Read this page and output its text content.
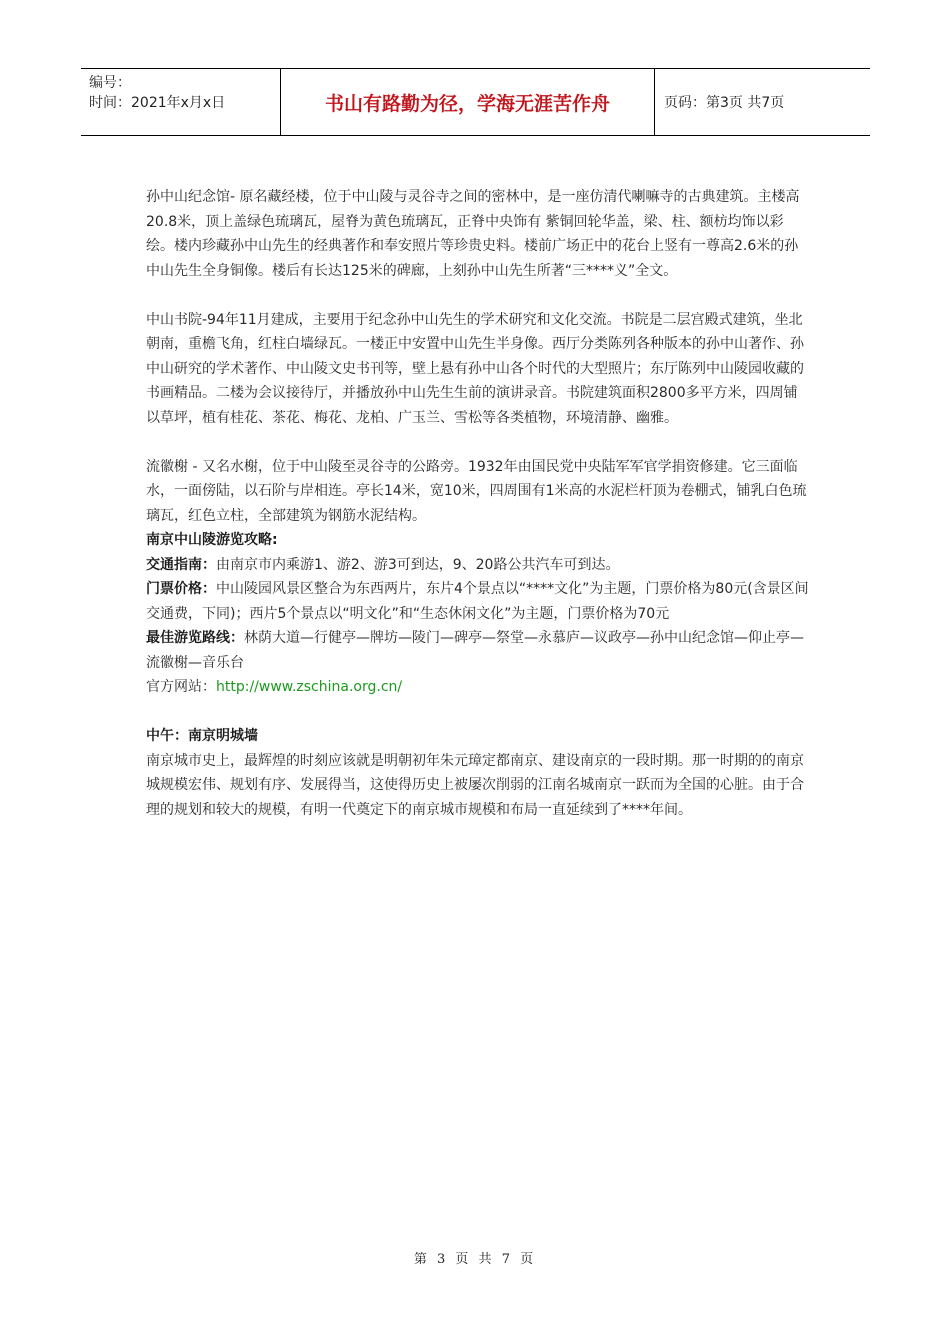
编号：
时间：2021年x月x日	书山有路勤为径，学海无涯苦作舟	页码：第3页 共7页

孙中山纪念馆- 原名藏经楼，位于中山陵与灵谷寺之间的密林中，是一座仿清代喇嘛寺的古典建筑。主楼高 20.8米，顶上盖绿色琉璃瓦，屋脊为黄色琉璃瓦，正脊中央饰有 紫铜回轮华盖，梁、柱、额枋均饰以彩绘。楼内珍藏孙中山先生的经典著作和奉安照片等珍贵史料。楼前广场正中的花台上竖有一尊高2.6米的孙中山先生全身铜像。楼后有长达125米的碑廊，上刻孙中山先生所著“三****义”全文。

中山书院-94年11月建成，主要用于纪念孙中山先生的学术研究和文化交流。书院是二层宫殿式建筑，坐北朝南，重檐飞角，红柱白墙绿瓦。一楼正中安置中山先生半身像。西厅分类陈列各种版本的孙中山著作、孙中山研究的学术著作、中山陵文史书刊等，壁上悬有孙中山各个时代的大型照片；东厅陈列中山陵园收藏的书画精品。二楼为会议接待厅，并播放孙中山先生生前的演讲录音。书院建筑面积2800多平方米，四周铺以草坪，植有桂花、茶花、梅花、龙柏、广玉兰、雪松等各类植物，环境清静、幽雅。

流徽榭 - 又名水榭，位于中山陵至灵谷寺的公路旁。1932年由国民党中央陆军军官学捐资修建。它三面临水，一面傍陆，以石阶与岸相连。亭长14米，宽10米，四周围有1米高的水泥栏杆顶为卷棚式，铺乳白色琉璃瓦，红色立柱，全部建筑为钢筋水泥结构。

南京中山陵游览攻略:

交通指南：由南京市内乘游1、游2、游3可到达，9、20路公共汽车可到达。

门票价格：中山陵园风景区整合为东西两片，东片4个景点以“****文化”为主题，门票价格为80元(含景区间交通费，下同)；西片5个景点以“明文化”和“生态休闲文化”为主题，门票价格为70元

最佳游览路线：林荫大道—行健亭—牌坊—陵门—碑亭—祭堂—永慕庐—议政亭—孙中山纪念馆—仰止亭—流徽榭—音乐台

官方网站：http://www.zschina.org.cn/

中午：南京明城墙

南京城市史上，最辉煌的时刻应该就是明朝初年朱元璋定都南京、建设南京的一段时期。那一时期的的南京城规模宏伟、规划有序、发展得当，这使得历史上被屡次削弱的江南名城南京一跃而为全国的心脏。由于合理的规划和较大的规模，有明一代奠定下的南京城市规模和布局一直延续到了****年间。

第 3 页 共 7 页
